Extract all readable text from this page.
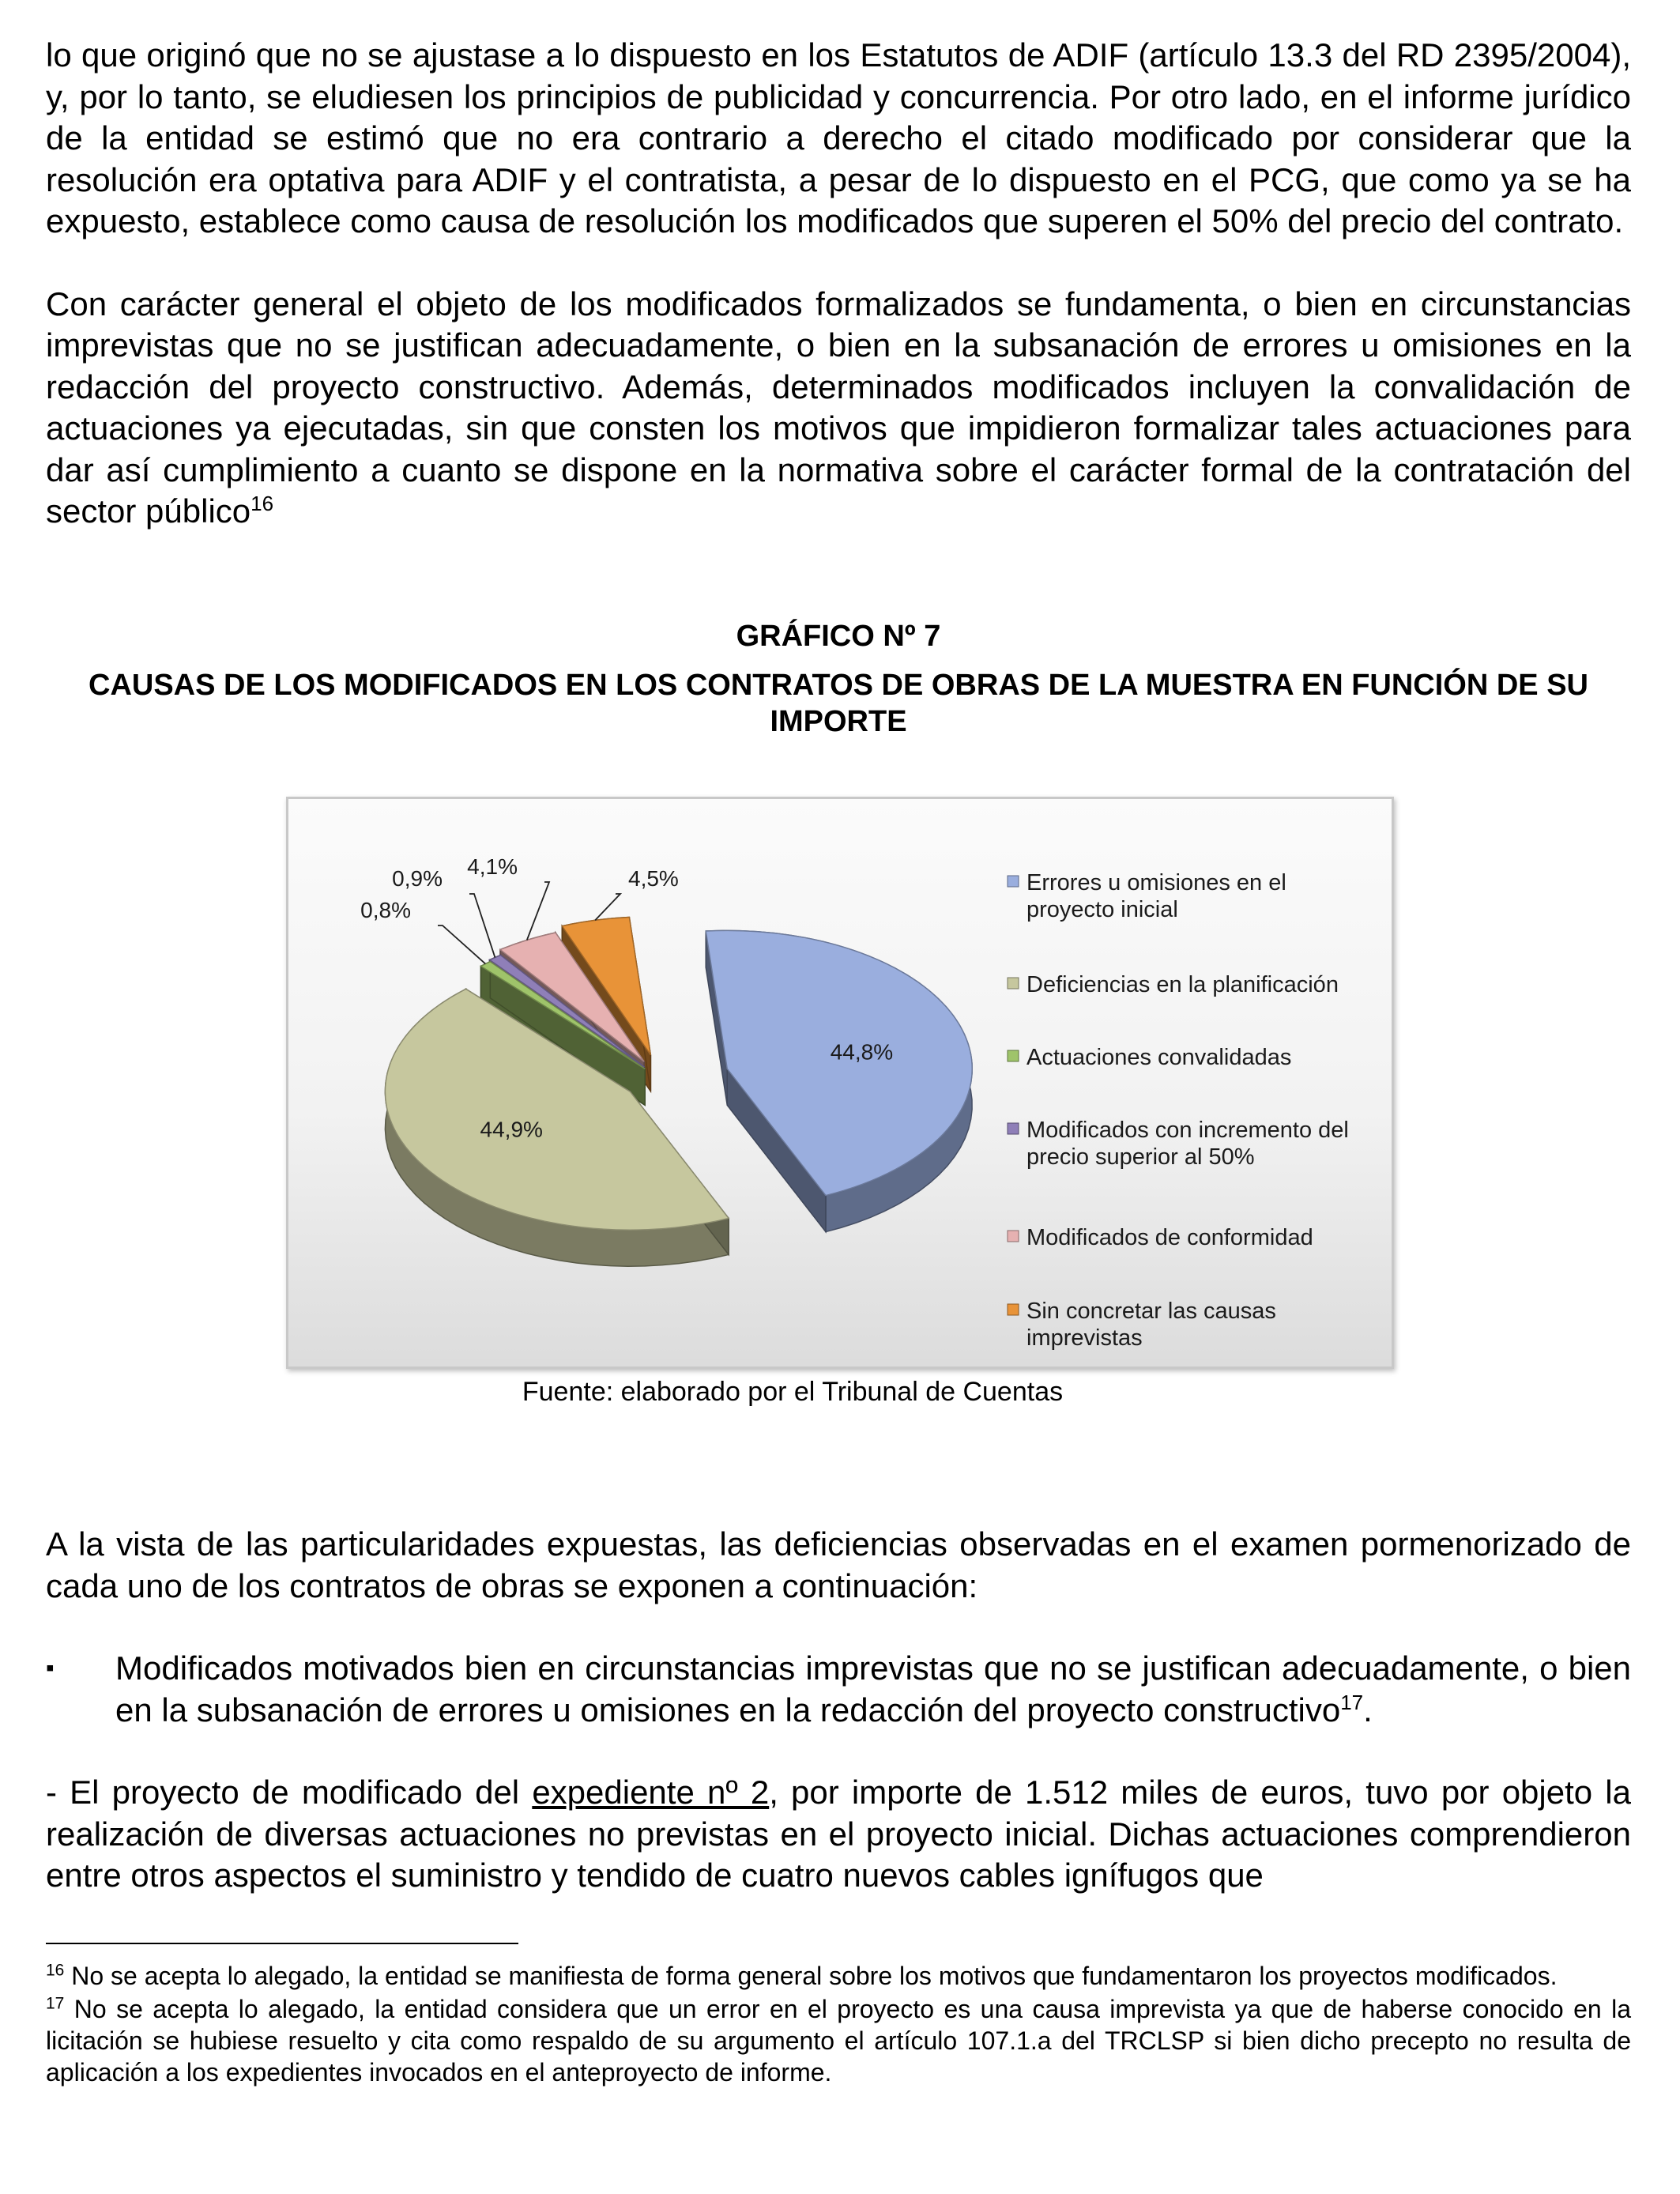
lo que originó que no se ajustase a lo dispuesto en los Estatutos de ADIF (artículo 13.3 del RD 2395/2004), y, por lo tanto, se eludiesen los principios de publicidad y concurrencia. Por otro lado, en el informe jurídico de la entidad se estimó que no era contrario a derecho el citado modificado por considerar que la resolución era optativa para ADIF y el contratista, a pesar de lo dispuesto en el PCG, que como ya se ha expuesto, establece como causa de resolución los modificados que superen el 50% del precio del contrato.

Con carácter general el objeto de los modificados formalizados se fundamenta, o bien en circunstancias imprevistas que no se justifican adecuadamente, o bien en la subsanación de errores u omisiones en la redacción del proyecto constructivo. Además, determinados modificados incluyen la convalidación de actuaciones ya ejecutadas, sin que consten los motivos que impidieron formalizar tales actuaciones para dar así cumplimiento a cuanto se dispone en la normativa sobre el carácter formal de la contratación del sector público$^{16}$

GRÁFICO Nº 7

CAUSAS DE LOS MODIFICADOS EN LOS CONTRATOS DE OBRAS DE LA MUESTRA EN FUNCIÓN DE SU IMPORTE

44,8%
44,9%
0,8%
0,9% 4,1%	4,5%	Errores u omisiones en el
proyecto inicial
Deficiencias en la planificación
Actuaciones convalidadas
Modificados con incremento del
precio superior al 50%
Modificados de conformidad
Sin concretar las causas
imprevistas
Fuente: elaborado por el Tribunal de Cuentas

A la vista de las particularidades expuestas, las deficiencias observadas en el examen pormenorizado de cada uno de los contratos de obras se exponen a continuación:

▪	Modificados motivados bien en circunstancias imprevistas que no se justifican adecuadamente, o bien en la subsanación de errores u omisiones en la redacción del proyecto constructivo$^{17}$.

- El proyecto de modificado del expediente nº 2, por importe de 1.512 miles de euros, tuvo por objeto la realización de diversas actuaciones no previstas en el proyecto inicial. Dichas actuaciones comprendieron entre otros aspectos el suministro y tendido de cuatro nuevos cables ignífugos que

$^{16}$ No se acepta lo alegado, la entidad se manifiesta de forma general sobre los motivos que fundamentaron los proyectos modificados.

$^{17}$ No se acepta lo alegado, la entidad considera que un error en el proyecto es una causa imprevista ya que de haberse conocido en la licitación se hubiese resuelto y cita como respaldo de su argumento el artículo 107.1.a del TRCLSP si bien dicho precepto no resulta de aplicación a los expedientes invocados en el anteproyecto de informe.
